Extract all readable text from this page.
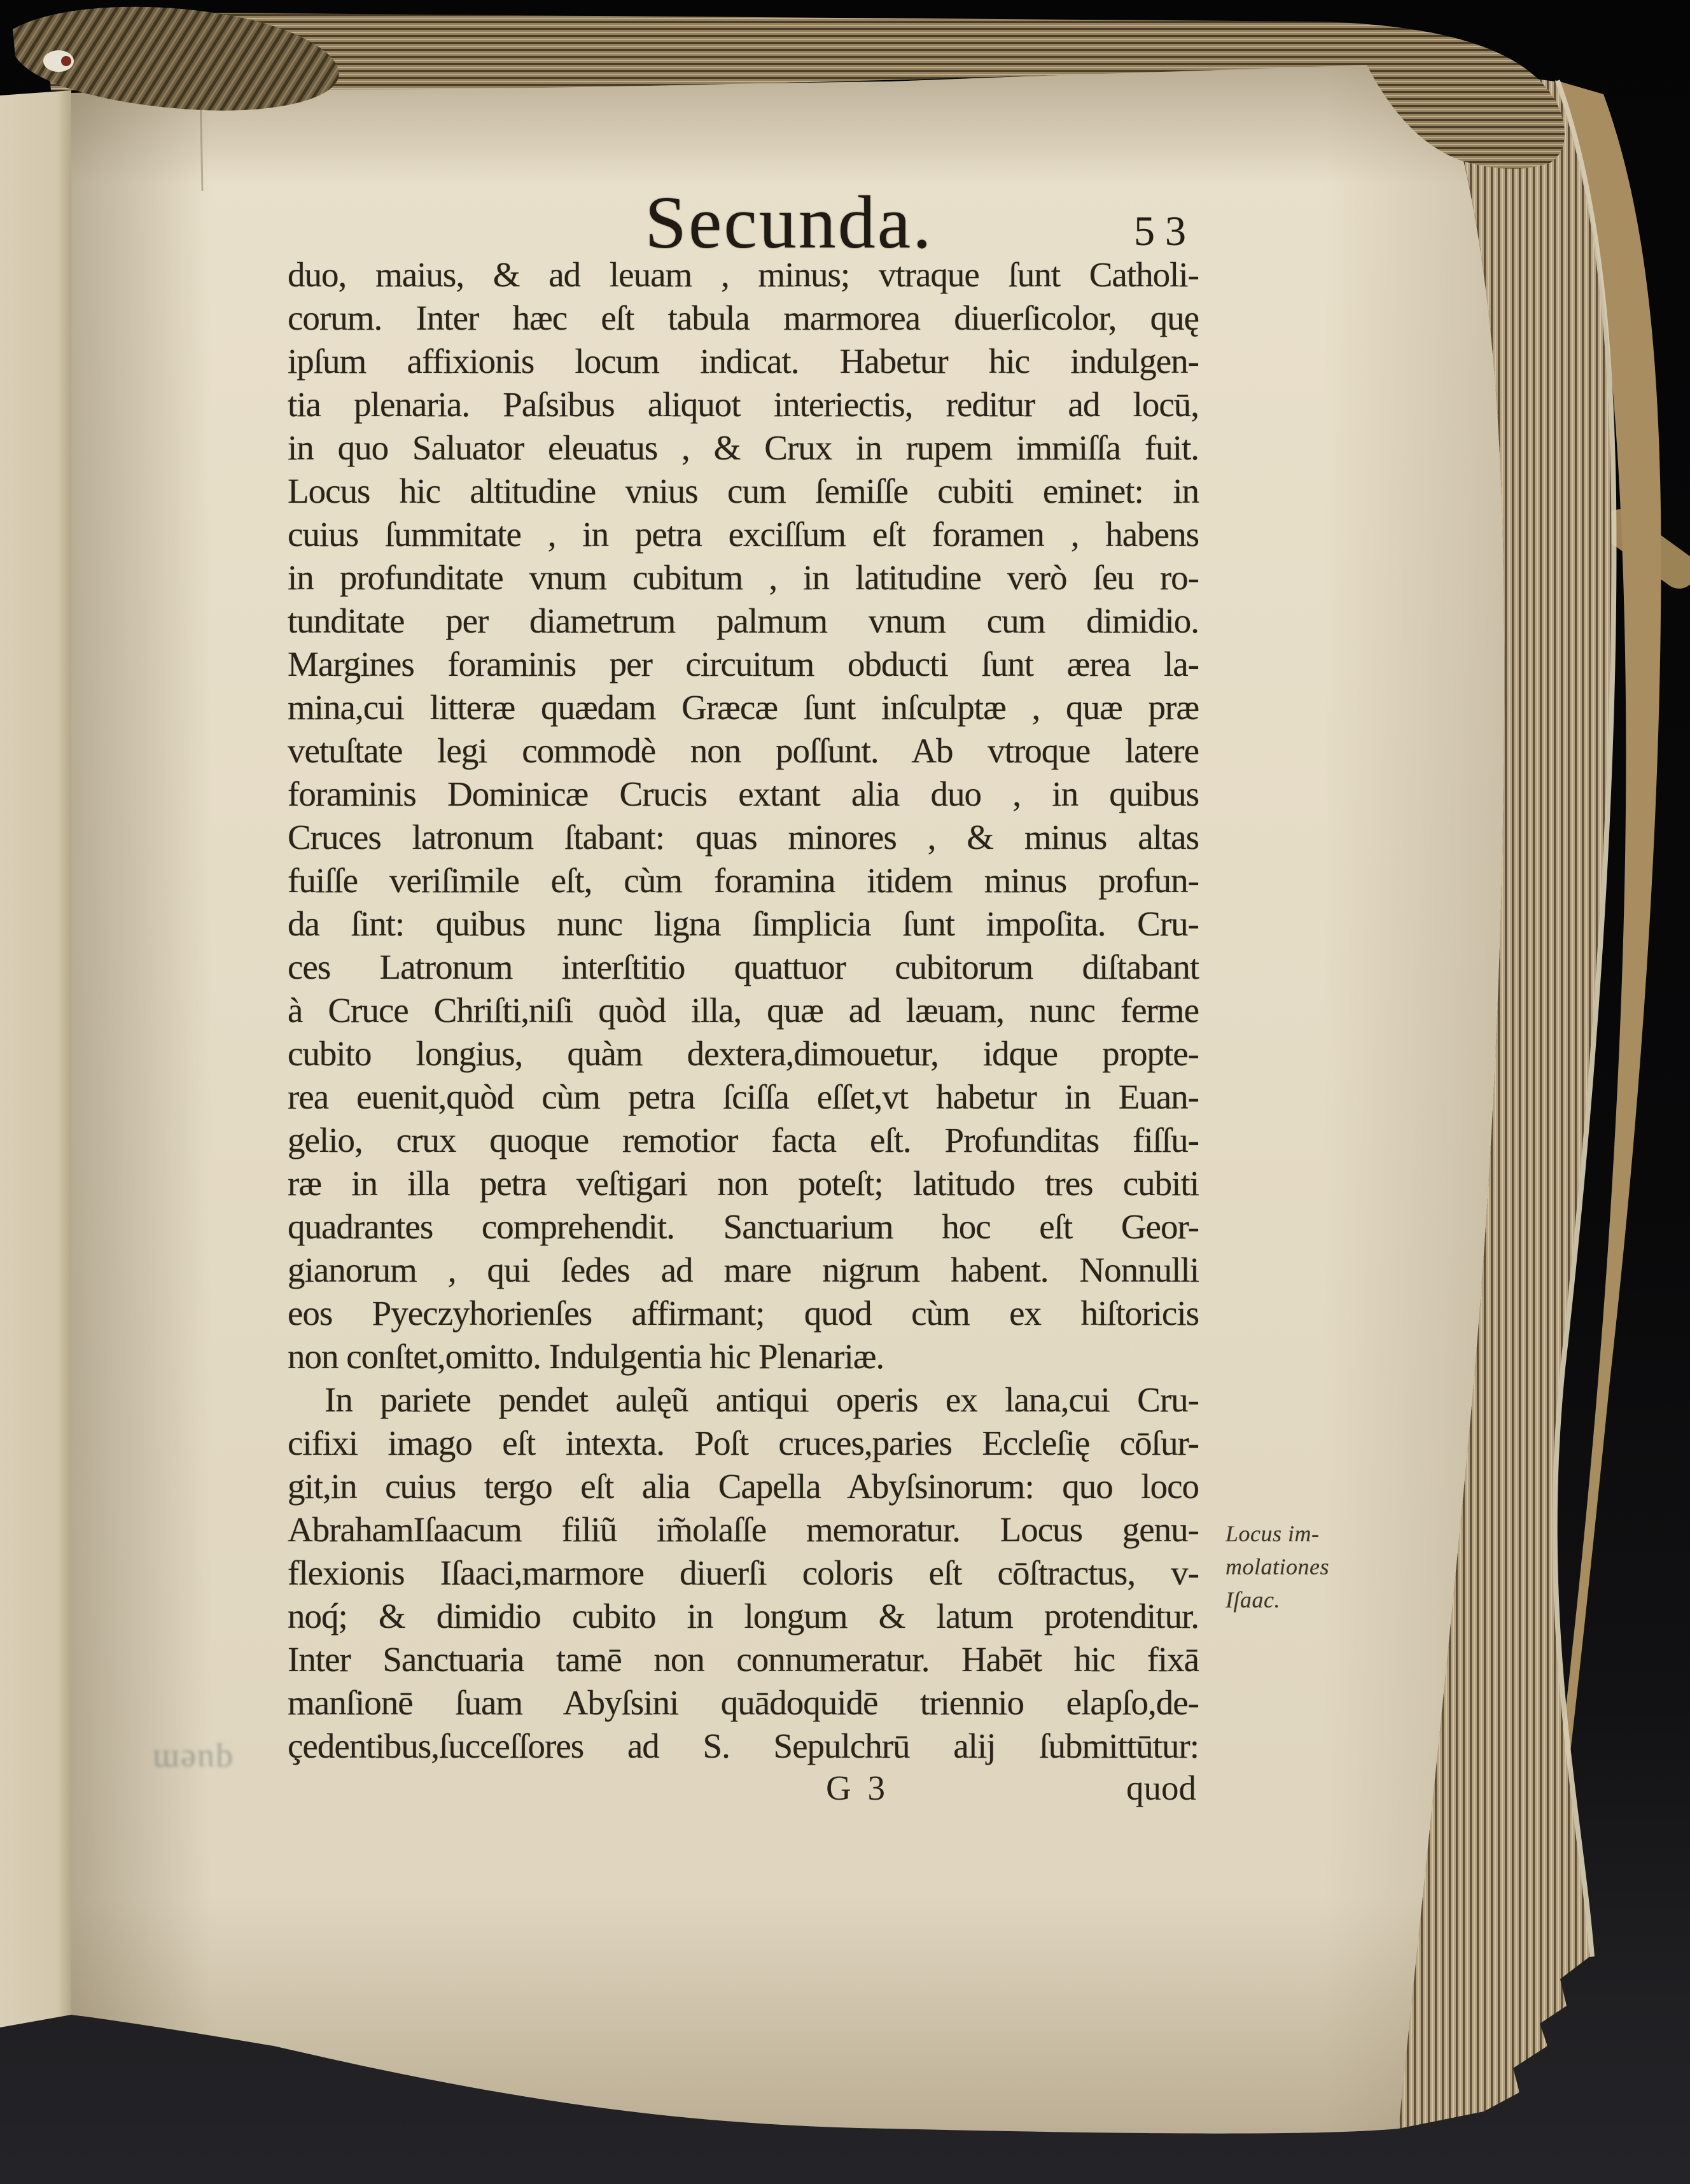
Secunda.	53
duo, maius, & ad leuam , minus; vtraque ſunt Catholi-
corum. Inter hæc eſt tabula marmorea diuerſicolor, quę
ipſum affixionis locum indicat. Habetur hic indulgen-
tia plenaria. Paſsibus aliquot interiectis, reditur ad locū,
in quo Saluator eleuatus , & Crux in rupem immiſſa fuit.
Locus hic altitudine vnius cum ſemiſſe cubiti eminet: in
cuius ſummitate , in petra exciſſum eſt foramen , habens
in profunditate vnum cubitum , in latitudine verò ſeu ro-
tunditate per diametrum palmum vnum cum dimidio.
Margines foraminis per circuitum obducti ſunt ærea la-
mina,cui litteræ quædam Græcæ ſunt inſculptæ , quæ præ
vetuſtate legi commodè non poſſunt. Ab vtroque latere
foraminis Dominicæ Crucis extant alia duo , in quibus
Cruces latronum ſtabant: quas minores , & minus altas
fuiſſe veriſimile eſt, cùm foramina itidem minus profun-
da ſint: quibus nunc ligna ſimplicia ſunt impoſita. Cru-
ces Latronum interſtitio quattuor cubitorum diſtabant
à Cruce Chriſti,niſi quòd illa, quæ ad læuam, nunc ferme
cubito longius, quàm dextera,dimouetur, idque propte-
rea euenit,quòd cùm petra ſciſſa eſſet,vt habetur in Euan-
gelio, crux quoque remotior facta eſt. Profunditas fiſſu-
ræ in illa petra veſtigari non poteſt; latitudo tres cubiti
quadrantes comprehendit. Sanctuarium hoc eſt Geor-
gianorum , qui ſedes ad mare nigrum habent. Nonnulli
eos Pyeczyhorienſes affirmant; quod cùm ex hiſtoricis
non conſtet,omitto. Indulgentia hic Plenariæ.
In pariete pendet aulęũ antiqui operis ex lana,cui Cru-
cifixi imago eſt intexta. Poſt cruces,paries Eccleſię cōſur-
git,in cuius tergo eſt alia Capella Abyſsinorum: quo loco
AbrahamIſaacum filiũ im̃olaſſe memoratur. Locus genu-
flexionis Iſaaci,marmore diuerſi coloris eſt cōſtractus, v-
noq́; & dimidio cubito in longum & latum protenditur.
Inter Sanctuaria tamē non connumeratur. Habēt hic fixā
manſionē ſuam Abyſsini quādoquidē triennio elapſo,de-
çedentibus,ſucceſſores ad S. Sepulchrū alij ſubmittūtur:
G 3	quod
Locus im-
molationes
Iſaac.
quem
